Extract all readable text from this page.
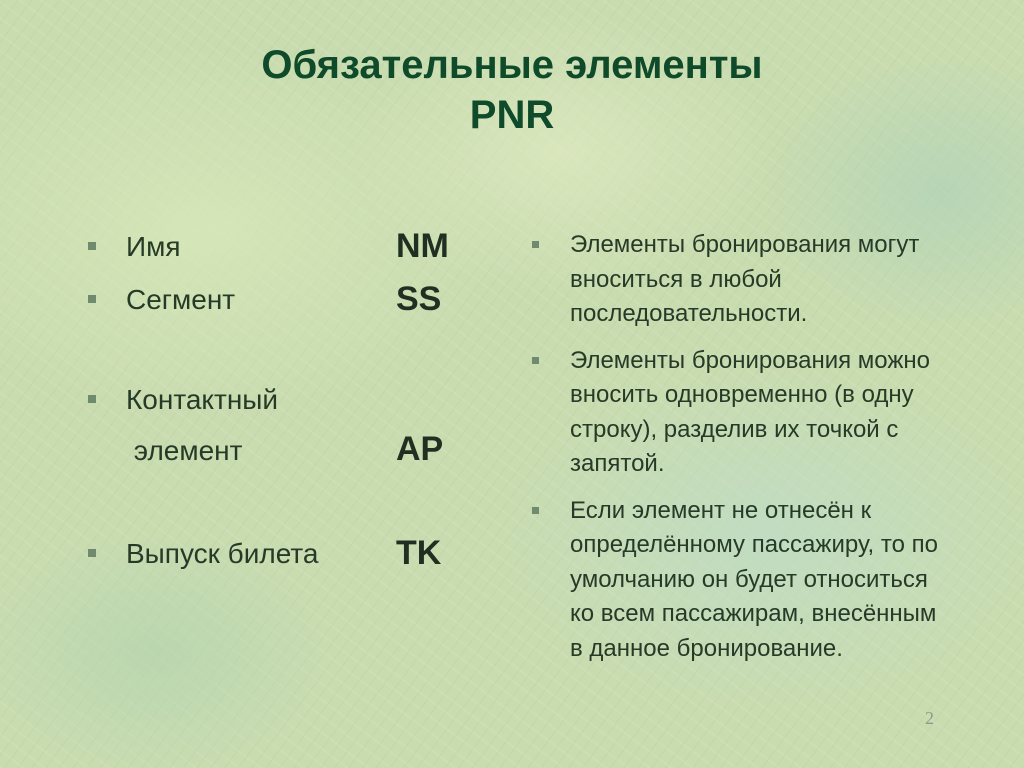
Обязательные элементы
PNR
Имя	NM
Сегмент	SS
Контактный
элемент	AP
Выпуск билета TK
Элементы бронирования могут вноситься в любой последовательности.
Элементы бронирования можно вносить одновременно (в одну строку), разделив их точкой с запятой.
Если элемент не отнесён к определённому пассажиру, то по умолчанию он будет относиться ко всем пассажирам, внесённым в данное бронирование.
2
